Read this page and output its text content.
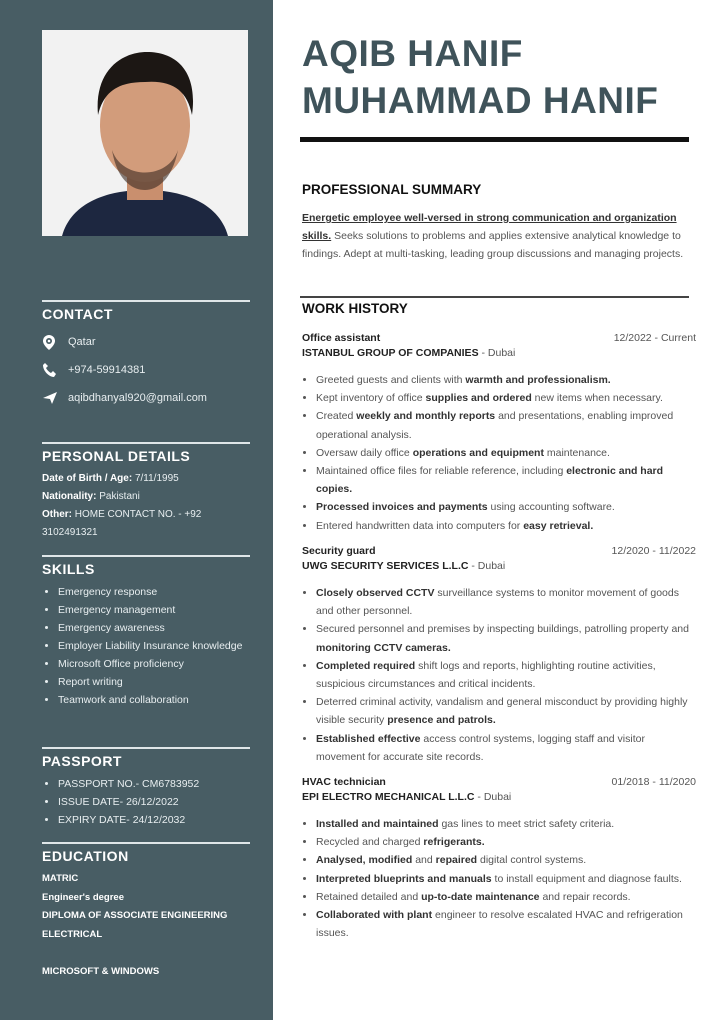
CONTACT
Qatar
+974-59914381
aqibdhanyal920@gmail.com
PERSONAL DETAILS
Date of Birth / Age: 7/11/1995
Nationality: Pakistani
Other: HOME CONTACT NO. - +92 3102491321
SKILLS
• Emergency response
• Emergency management
• Emergency awareness
• Employer Liability Insurance knowledge
• Microsoft Office proficiency
• Report writing
• Teamwork and collaboration
PASSPORT
• PASSPORT NO.- CM6783952
• ISSUE DATE- 26/12/2022
• EXPIRY DATE- 24/12/2032
EDUCATION
MATRIC
Engineer's degree
DIPLOMA OF ASSOCIATE ENGINEERING ELECTRICAL

MICROSOFT & WINDOWS
AQIB HANIF
MUHAMMAD HANIF
PROFESSIONAL SUMMARY
Energetic employee well-versed in strong communication and organization skills. Seeks solutions to problems and applies extensive analytical knowledge to findings. Adept at multi-tasking, leading group discussions and managing projects.
WORK HISTORY
Office assistant	12/2022 - Current
ISTANBUL GROUP OF COMPANIES - Dubai
• Greeted guests and clients with warmth and professionalism.
• Kept inventory of office supplies and ordered new items when necessary.
• Created weekly and monthly reports and presentations, enabling improved operational analysis.
• Oversaw daily office operations and equipment maintenance.
• Maintained office files for reliable reference, including electronic and hard copies.
• Processed invoices and payments using accounting software.
• Entered handwritten data into computers for easy retrieval.
Security guard	12/2020 - 11/2022
UWG SECURITY SERVICES L.L.C - Dubai
• Closely observed CCTV surveillance systems to monitor movement of goods and other personnel.
• Secured personnel and premises by inspecting buildings, patrolling property and monitoring CCTV cameras.
• Completed required shift logs and reports, highlighting routine activities, suspicious circumstances and critical incidents.
• Deterred criminal activity, vandalism and general misconduct by providing highly visible security presence and patrols.
• Established effective access control systems, logging staff and visitor movement for accurate site records.
HVAC technician	01/2018 - 11/2020
EPI ELECTRO MECHANICAL L.L.C - Dubai
• Installed and maintained gas lines to meet strict safety criteria.
• Recycled and charged refrigerants.
• Analysed, modified and repaired digital control systems.
• Interpreted blueprints and manuals to install equipment and diagnose faults.
• Retained detailed and up-to-date maintenance and repair records.
• Collaborated with plant engineer to resolve escalated HVAC and refrigeration issues.
